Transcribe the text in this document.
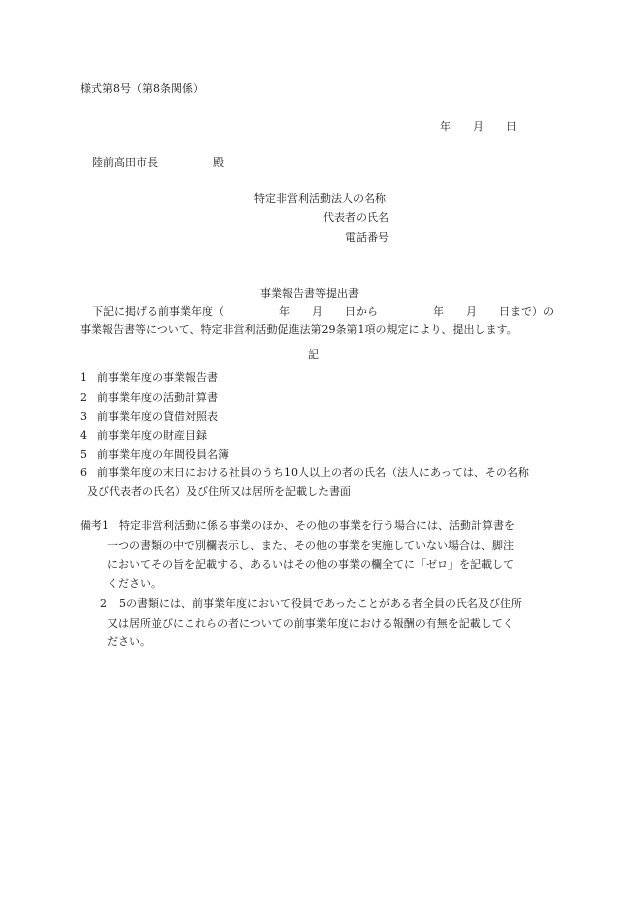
様式第8号（第8条関係）
年　　月　　日
陸前高田市長　　　　　殿
特定非営利活動法人の名称
代表者の氏名
電話番号
事業報告書等提出書
下記に掲げる前事業年度（　　　　　年　　月　　日から　　　　　年　　月　　日まで）の
事業報告書等について、特定非営利活動促進法第29条第1項の規定により、提出します。
記
1 前事業年度の事業報告書
2 前事業年度の活動計算書
3 前事業年度の貸借対照表
4 前事業年度の財産目録
5 前事業年度の年間役員名簿
6 前事業年度の末日における社員のうち10人以上の者の氏名（法人にあっては、その名称
及び代表者の氏名）及び住所又は居所を記載した書面
備考1 特定非営利活動に係る事業のほか、その他の事業を行う場合には、活動計算書を
一つの書類の中で別欄表示し、また、その他の事業を実施していない場合は、脚注
においてその旨を記載する、あるいはその他の事業の欄全てに「ゼロ」を記載して
ください。
2 5の書類には、前事業年度において役員であったことがある者全員の氏名及び住所
又は居所並びにこれらの者についての前事業年度における報酬の有無を記載してく
ださい。
